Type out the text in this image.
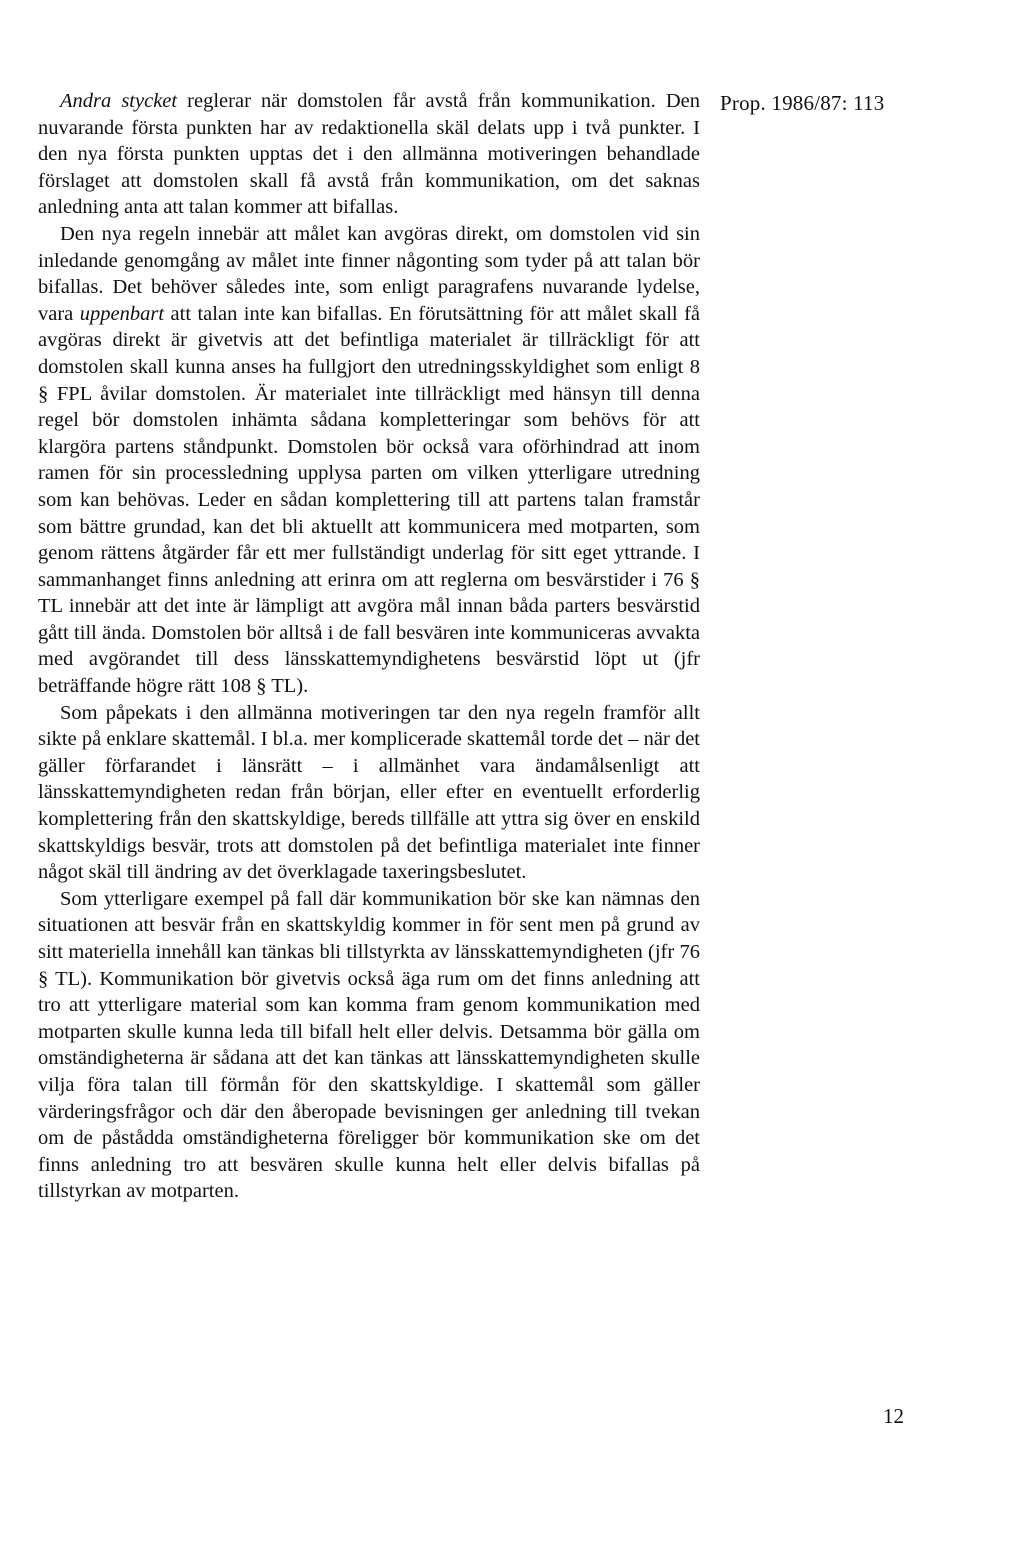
Prop. 1986/87: 113

Andra stycket reglerar när domstolen får avstå från kommunikation. Den nuvarande första punkten har av redaktionella skäl delats upp i två punkter. I den nya första punkten upptas det i den allmänna motiveringen behandlade förslaget att domstolen skall få avstå från kommunikation, om det saknas anledning anta att talan kommer att bifallas.

Den nya regeln innebär att målet kan avgöras direkt, om domstolen vid sin inledande genomgång av målet inte finner någonting som tyder på att talan bör bifallas. Det behöver således inte, som enligt paragrafens nuvarande lydelse, vara uppenbart att talan inte kan bifallas. En förutsättning för att målet skall få avgöras direkt är givetvis att det befintliga materialet är tillräckligt för att domstolen skall kunna anses ha fullgjort den utredningsskyldighet som enligt 8 § FPL åvilar domstolen. Är materialet inte tillräckligt med hänsyn till denna regel bör domstolen inhämta sådana kompletteringar som behövs för att klargöra partens ståndpunkt. Domstolen bör också vara oförhindrad att inom ramen för sin processledning upplysa parten om vilken ytterligare utredning som kan behövas. Leder en sådan komplettering till att partens talan framstår som bättre grundad, kan det bli aktuellt att kommunicera med motparten, som genom rättens åtgärder får ett mer fullständigt underlag för sitt eget yttrande. I sammanhanget finns anledning att erinra om att reglerna om besvärstider i 76 § TL innebär att det inte är lämpligt att avgöra mål innan båda parters besvärstid gått till ända. Domstolen bör alltså i de fall besvären inte kommuniceras avvakta med avgörandet till dess länsskattemyndighetens besvärstid löpt ut (jfr beträffande högre rätt 108 § TL).

Som påpekats i den allmänna motiveringen tar den nya regeln framför allt sikte på enklare skattemål. I bl.a. mer komplicerade skattemål torde det – när det gäller förfarandet i länsrätt – i allmänhet vara ändamålsenligt att länsskattemyndigheten redan från början, eller efter en eventuellt erforderlig komplettering från den skattskyldige, bereds tillfälle att yttra sig över en enskild skattskyldigs besvär, trots att domstolen på det befintliga materialet inte finner något skäl till ändring av det överklagade taxeringsbeslutet.

Som ytterligare exempel på fall där kommunikation bör ske kan nämnas den situationen att besvär från en skattskyldig kommer in för sent men på grund av sitt materiella innehåll kan tänkas bli tillstyrkta av länsskattemyndigheten (jfr 76 § TL). Kommunikation bör givetvis också äga rum om det finns anledning att tro att ytterligare material som kan komma fram genom kommunikation med motparten skulle kunna leda till bifall helt eller delvis. Detsamma bör gälla om omständigheterna är sådana att det kan tänkas att länsskattemyndigheten skulle vilja föra talan till förmån för den skattskyldige. I skattemål som gäller värderingsfrågor och där den åberopade bevisningen ger anledning till tvekan om de påstådda omständigheterna föreligger bör kommunikation ske om det finns anledning tro att besvären skulle kunna helt eller delvis bifallas på tillstyrkan av motparten.

12
